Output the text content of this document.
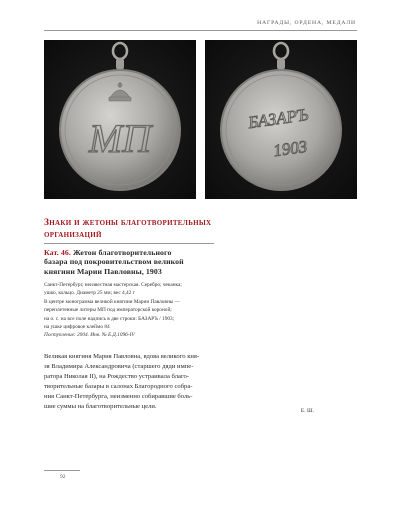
НАГРАДЫ, ОРДЕНА, МЕДАЛИ
МП	БАЗАРЪ
1903
Знаки и жетоны благотворительных
организаций
Кат. 46. Жетон благотворительного
базара под покровительством великой
княгини Марии Павловны, 1903
Санкт-Петербург, неизвестная мастерская. Серебро; чеканка;
ушко, кольцо. Диаметр 25 мм; вес 4,42 г
В центре монограмма великой княгини Марии Павловны —
переплетенные литеры МП под императорской короной;
на о. с. на все поле надпись в две строки: БАЗАРЪ / 1903;
на ушке цифровое клеймо 84
Поступление: 2004. Инв. № Е.Д.1096-IV
Великая княгиня Мария Павловна, вдова великого кня-
зя Владимира Александровича (старшего дяди импе-
ратора Николая II), на Рождество устраивала благо-
творительные базары в салонах Благородного собра-
ния Санкт-Петербурга, неизменно собиравшие боль-
шие суммы на благотворительные цели.
Е. Ш.
92
